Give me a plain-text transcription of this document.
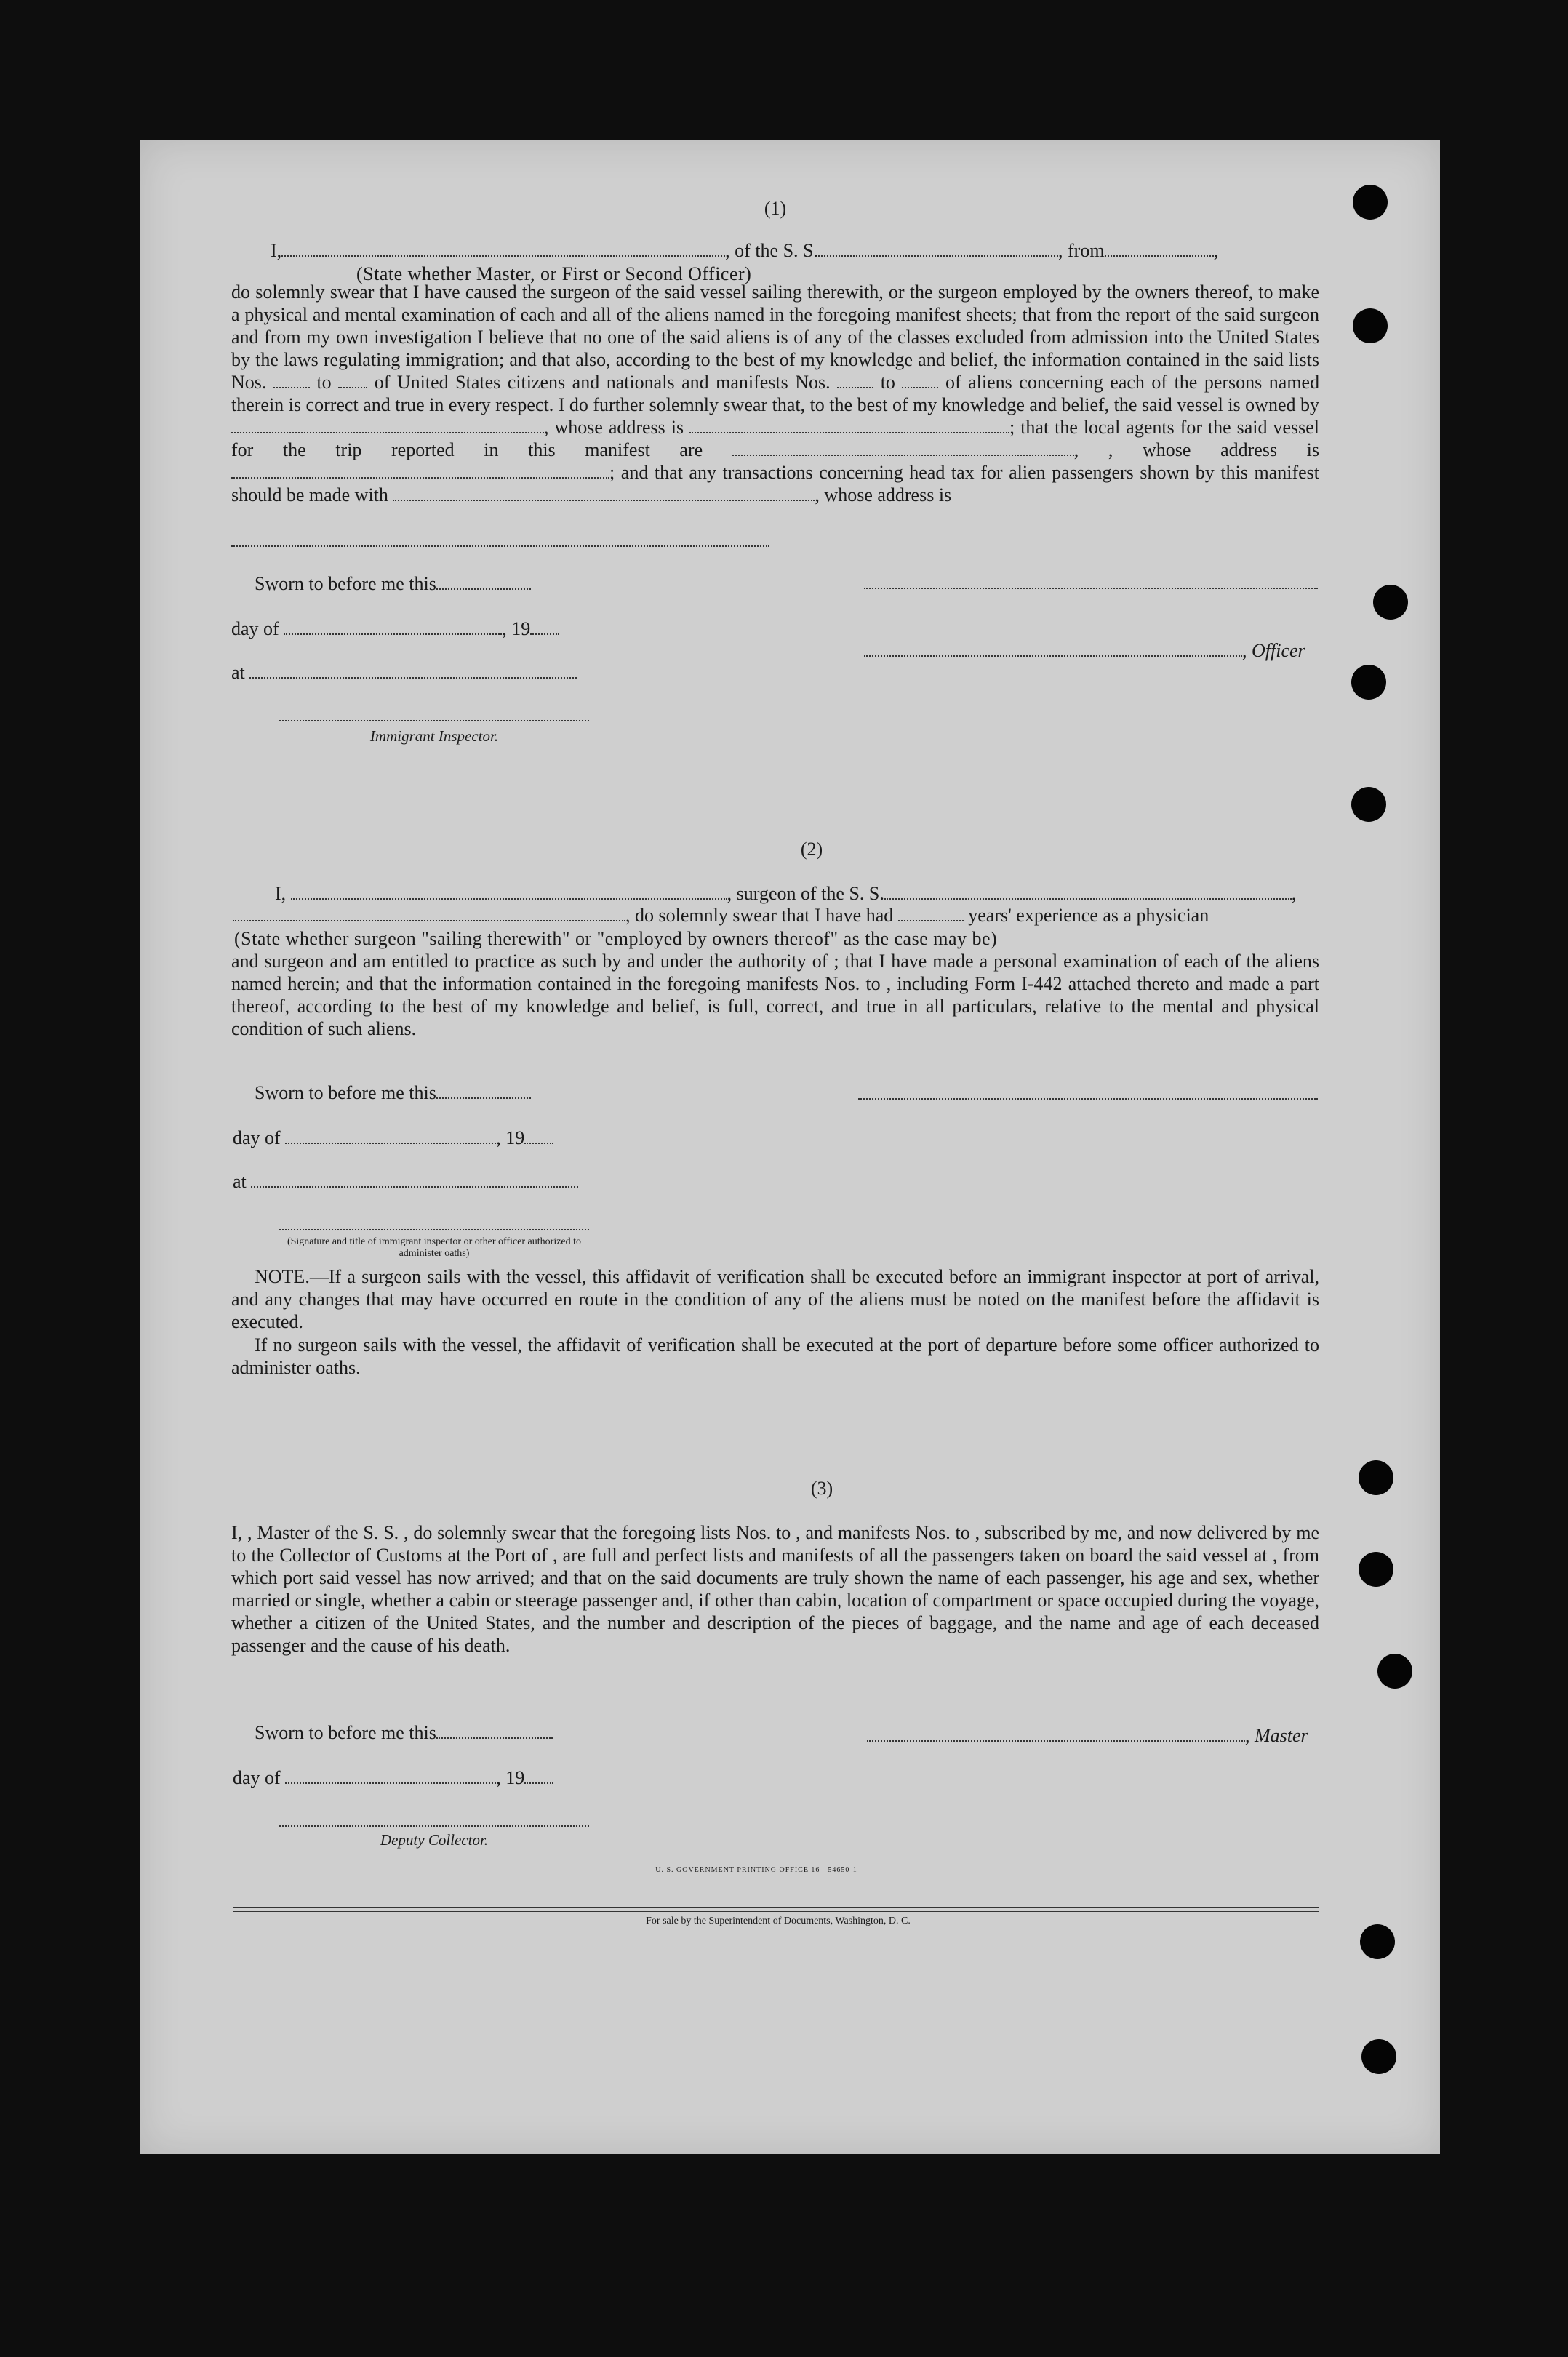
(1)
I,	, of the S. S.	, from	,
(State whether Master, or First or Second Officer)
do solemnly swear that I have caused the surgeon of the said vessel sailing therewith, or the surgeon employed by the owners thereof, to make a physical and mental examination of each and all of the aliens named in the foregoing manifest sheets; that from the report of the said surgeon and from my own investigation I believe that no one of the said aliens is of any of the classes excluded from admission into the United States by the laws regulating immigration; and that also, according to the best of my knowledge and belief, the information contained in the said lists Nos.	to of United States citizens and nationals and manifests Nos.	to	of aliens concerning each of the persons named therein is correct and true in every respect. I do further solemnly swear that, to the best of my knowledge and belief, the said vessel is owned by , whose address is	; that the local agents for the said vessel for the trip reported in this manifest are	, , whose address is ; and that any transactions concerning head tax for alien passengers shown by this manifest should be made with	, whose address is
Sworn to before me this
day of	, 19
, Officer
at
Immigrant Inspector.
(2)
I,	, surgeon of the S. S.	,
, do solemnly swear that I have had	years' experience as a physician
(State whether surgeon "sailing therewith" or "employed by owners thereof" as the case may be)
and surgeon and am entitled to practice as such by and under the authority of ; that I have made a personal examination of each of the aliens named herein; and that the information contained in the foregoing manifests Nos. to , including Form I-442 attached thereto and made a part thereof, according to the best of my knowledge and belief, is full, correct, and true in all particulars, relative to the mental and physical condition of such aliens.
Sworn to before me this
day of	, 19
at
(Signature and title of immigrant inspector or other officer authorized to administer oaths)
NOTE.—If a surgeon sails with the vessel, this affidavit of verification shall be executed before an immigrant inspector at port of arrival, and any changes that may have occurred en route in the condition of any of the aliens must be noted on the manifest before the affidavit is executed.
If no surgeon sails with the vessel, the affidavit of verification shall be executed at the port of departure before some officer authorized to administer oaths.
(3)
I, , Master of the S. S. , do solemnly swear that the foregoing lists Nos. to , and manifests Nos. to , subscribed by me, and now delivered by me to the Collector of Customs at the Port of , are full and perfect lists and manifests of all the passengers taken on board the said vessel at , from which port said vessel has now arrived; and that on the said documents are truly shown the name of each passenger, his age and sex, whether married or single, whether a cabin or steerage passenger and, if other than cabin, location of compartment or space occupied during the voyage, whether a citizen of the United States, and the number and description of the pieces of baggage, and the name and age of each deceased passenger and the cause of his death.
Sworn to before me this	, Master
day of	, 19
Deputy Collector.
U. S. GOVERNMENT PRINTING OFFICE 16—54650-1
For sale by the Superintendent of Documents, Washington, D. C.
